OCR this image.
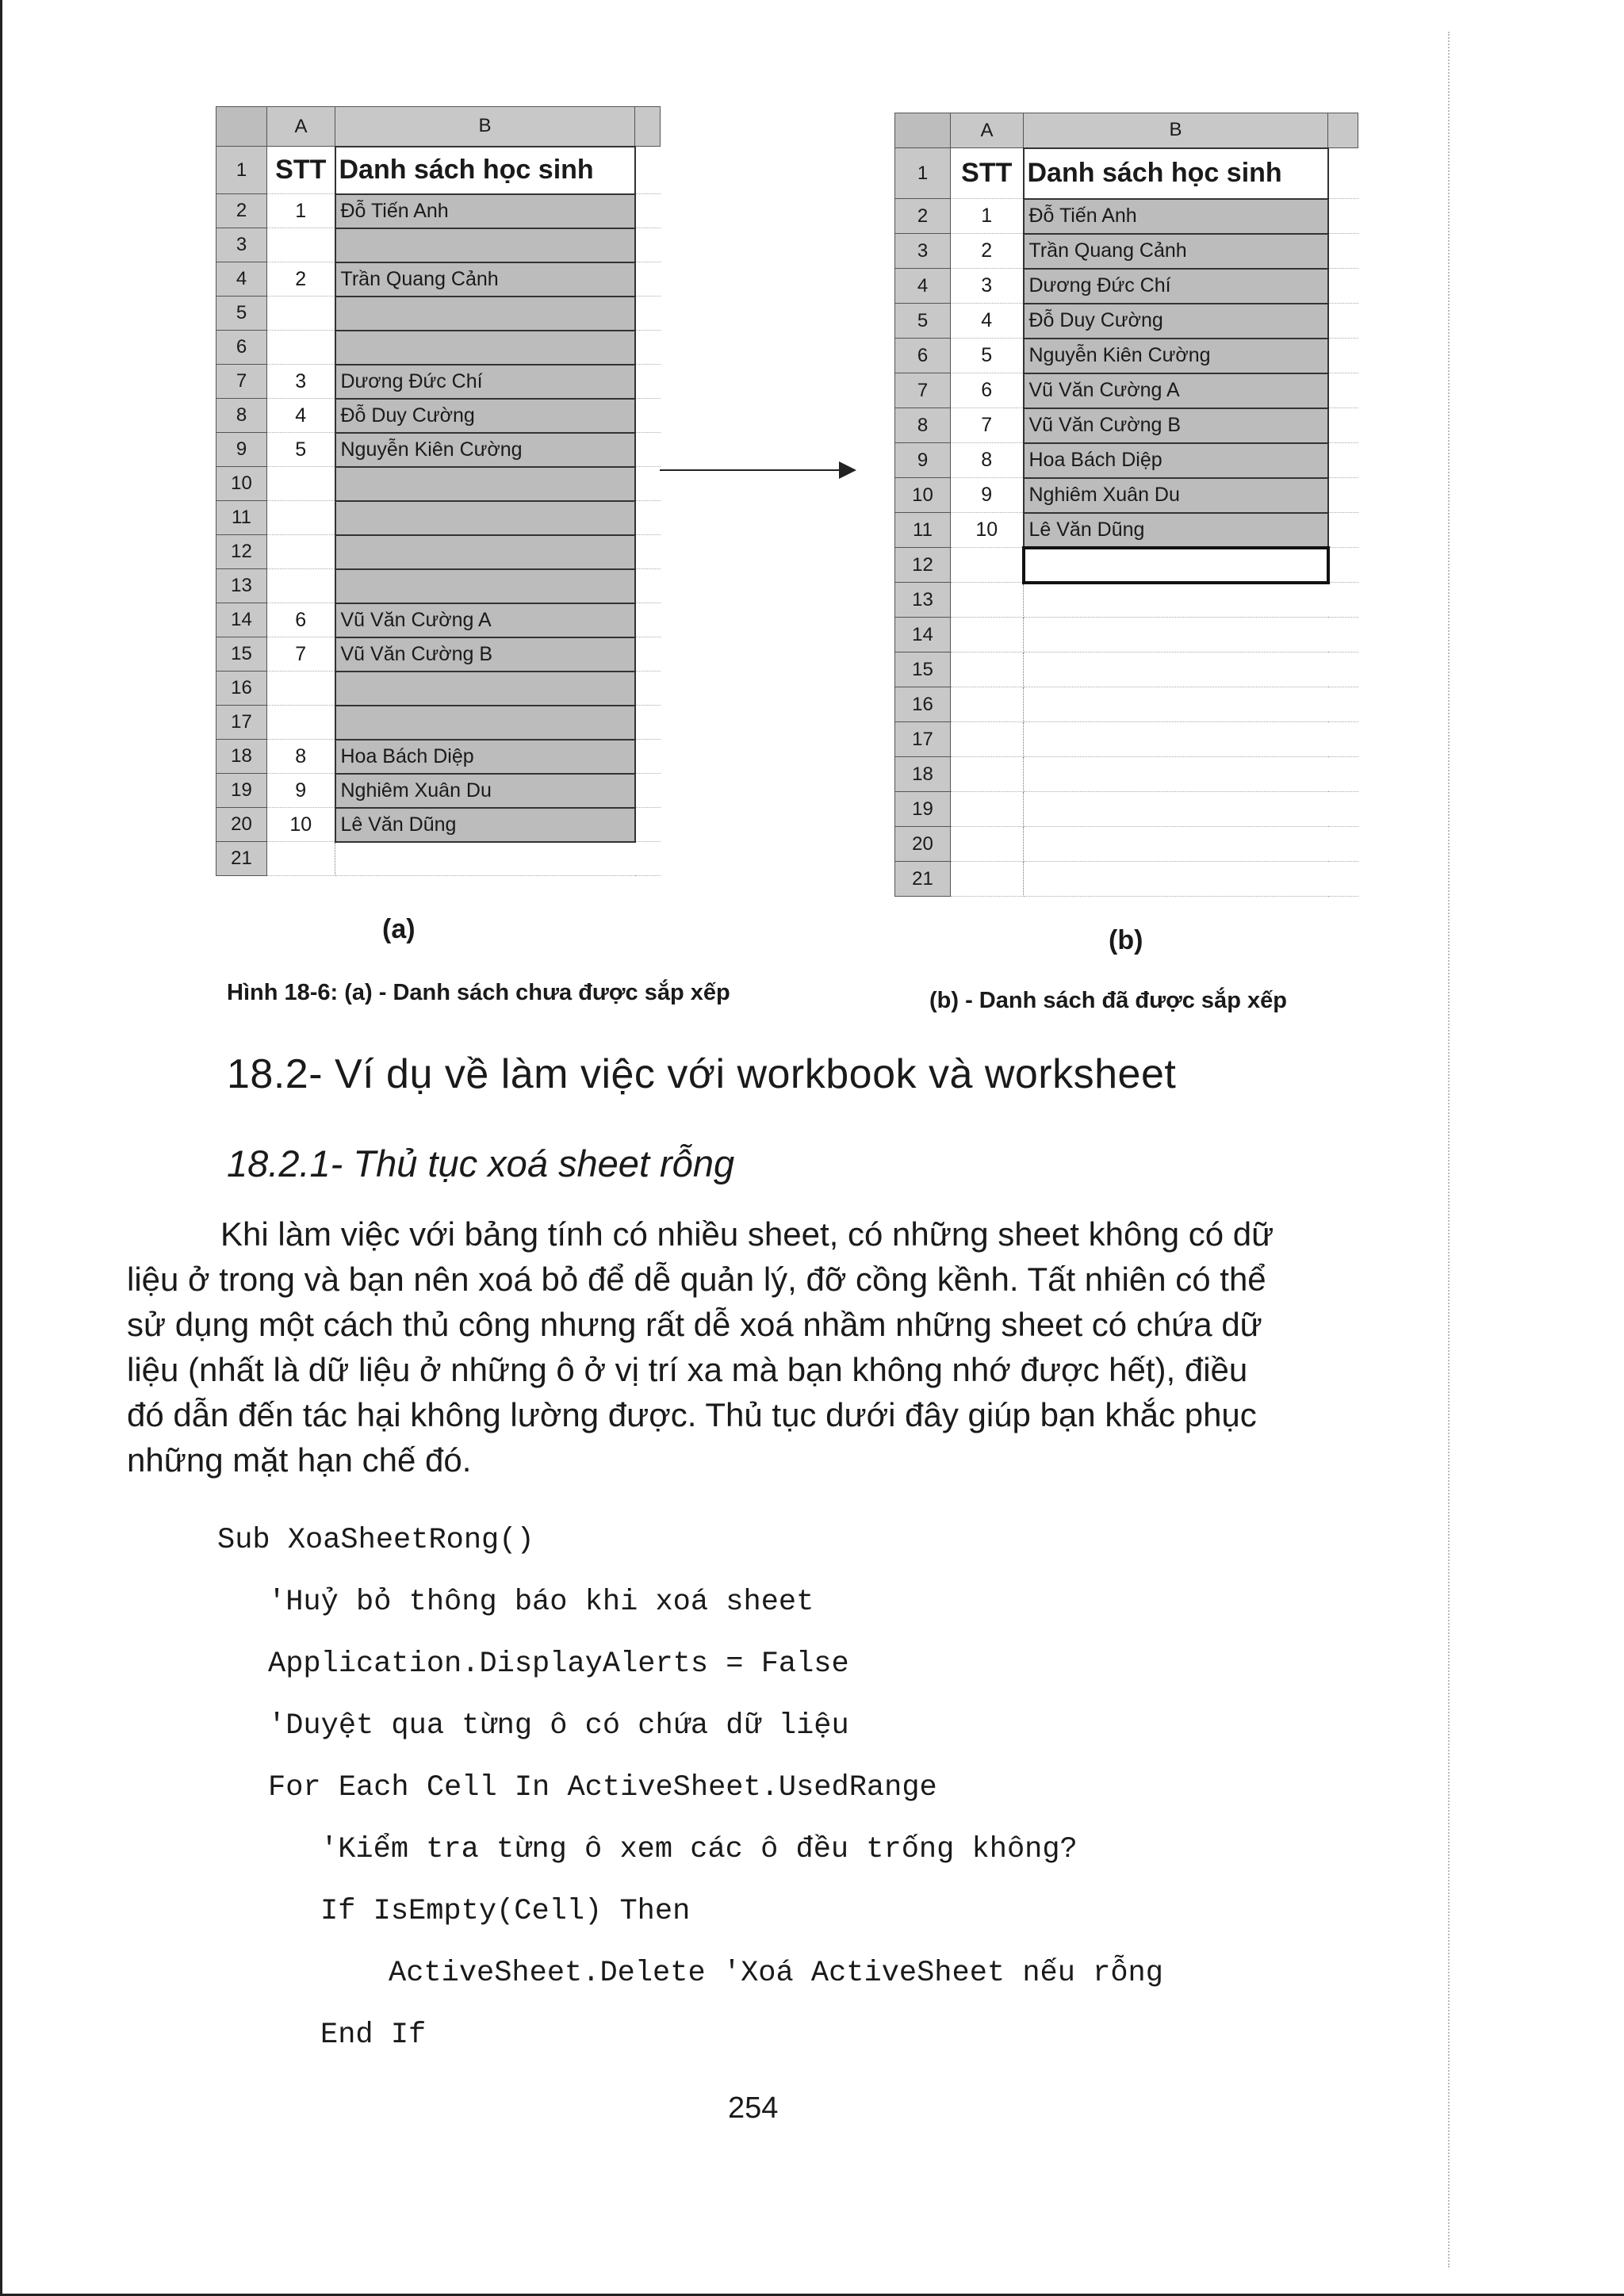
	A	B	
1	STT	Danh sách học sinh	
2	1	Đỗ Tiến Anh	
3			
4	2	Trần Quang Cảnh	
5			
6			
7	3	Dương Đức Chí	
8	4	Đỗ Duy Cường	
9	5	Nguyễn Kiên Cường	
10			
11			
12			
13			
14	6	Vũ Văn Cường A	
15	7	Vũ Văn Cường B	
16			
17			
18	8	Hoa Bách Diệp	
19	9	Nghiêm Xuân Du	
20	10	Lê Văn Dũng	
21			
	A	B	
1	STT	Danh sách học sinh	
2	1	Đỗ Tiến Anh	
3	2	Trần Quang Cảnh	
4	3	Dương Đức Chí	
5	4	Đỗ Duy Cường	
6	5	Nguyễn Kiên Cường	
7	6	Vũ Văn Cường A	
8	7	Vũ Văn Cường B	
9	8	Hoa Bách Diệp	
10	9	Nghiêm Xuân Du	
11	10	Lê Văn Dũng	
12			
13			
14			
15			
16			
17			
18			
19			
20			
21			
(a)	(b)
Hình 18-6: (a) - Danh sách chưa được sắp xếp	(b) - Danh sách đã được sắp xếp
18.2- Ví dụ về làm việc với workbook và worksheet
18.2.1- Thủ tục xoá sheet rỗng
Khi làm việc với bảng tính có nhiều sheet, có những sheet không có dữ
liệu ở trong và bạn nên xoá bỏ để dễ quản lý, đỡ cồng kềnh. Tất nhiên có thể
sử dụng một cách thủ công nhưng rất dễ xoá nhầm những sheet có chứa dữ
liệu (nhất là dữ liệu ở những ô ở vị trí xa mà bạn không nhớ được hết), điều
đó dẫn đến tác hại không lường được. Thủ tục dưới đây giúp bạn khắc phục
những mặt hạn chế đó.
Sub XoaSheetRong()
'Huỷ bỏ thông báo khi xoá sheet
Application.DisplayAlerts = False
'Duyệt qua từng ô có chứa dữ liệu
For Each Cell In ActiveSheet.UsedRange
'Kiểm tra từng ô xem các ô đều trống không?
If IsEmpty(Cell) Then
ActiveSheet.Delete 'Xoá ActiveSheet nếu rỗng
End If
254
